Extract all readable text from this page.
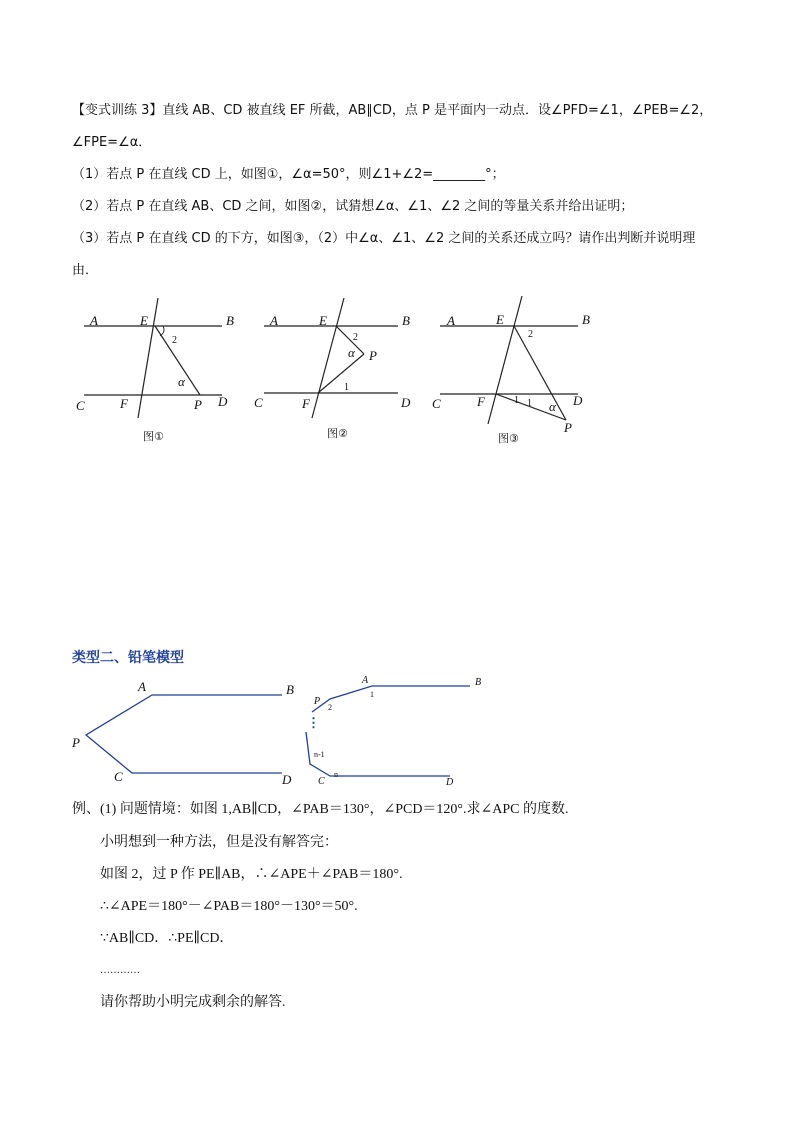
【变式训练 3】直线 AB、CD 被直线 EF 所截，AB∥CD，点 P 是平面内一动点．设∠PFD=∠1，∠PEB=∠2，
∠FPE=∠α．
（1）若点 P 在直线 CD 上，如图①，∠α=50°，则∠1+∠2=________°；
（2）若点 P 在直线 AB、CD 之间，如图②，试猜想∠α、∠1、∠2 之间的等量关系并给出证明；
（3）若点 P 在直线 CD 的下方，如图③，（2）中∠α、∠1、∠2 之间的关系还成立吗？请作出判断并说明理
由．
A	E	B
2
α
C	F	P D
图①
A	E	B
2
α P
1
C	F	D
图②
A	E	B
2
C	F	1 1 α D
P
图③
类型二、铅笔模型
A	B
P
C	D
A	B
1
P
2
⋮
n-1
C
n
D
例、(1) 问题情境：如图 1,AB∥CD，∠PAB＝130°，∠PCD＝120°.求∠APC 的度数.
小明想到一种方法，但是没有解答完：
如图 2，过 P 作 PE∥AB，∴∠APE＋∠PAB＝180°.
∴∠APE＝180°－∠PAB＝180°－130°＝50°.
∵AB∥CD．∴PE∥CD．
…………
请你帮助小明完成剩余的解答.
